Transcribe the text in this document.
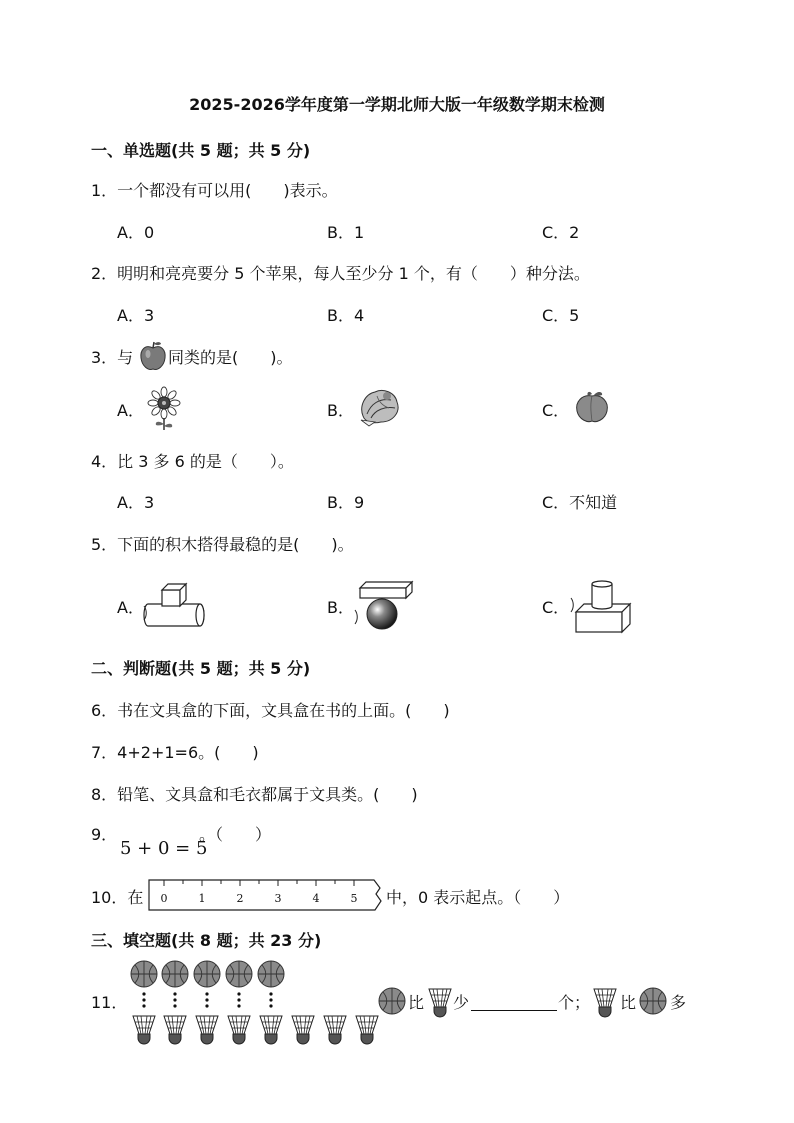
2025-2026学年度第一学期北师大版一年级数学期末检测
一、单选题(共 5 题；共 5 分)
1．一个都没有可以用(　　)表示。
A．0	B．1	C．2
2．明明和亮亮要分 5 个苹果，每人至少分 1 个，有（　　）种分法。
A．3	B．4	C．5
3．与 同类的是(　　)。
A．	B．	C．
4．比 3 多 6 的是（　　）。
A．3	B．9	C．不知道
5．下面的积木搭得最稳的是(　　)。
A．	B．	C．
二、判断题(共 5 题；共 5 分)
6．书在文具盒的下面，文具盒在书的上面。(　　)
7．4+2+1=6。(　　)
8．铅笔、文具盒和毛衣都属于文具类。(　　)
9．
5 + 0 = 5
。（　　）
10．在 0	1	2	3	4	5 中，0 表示起点。（　　）
三、填空题(共 8 题；共 23 分)
11．	比 少	个； 比 多
